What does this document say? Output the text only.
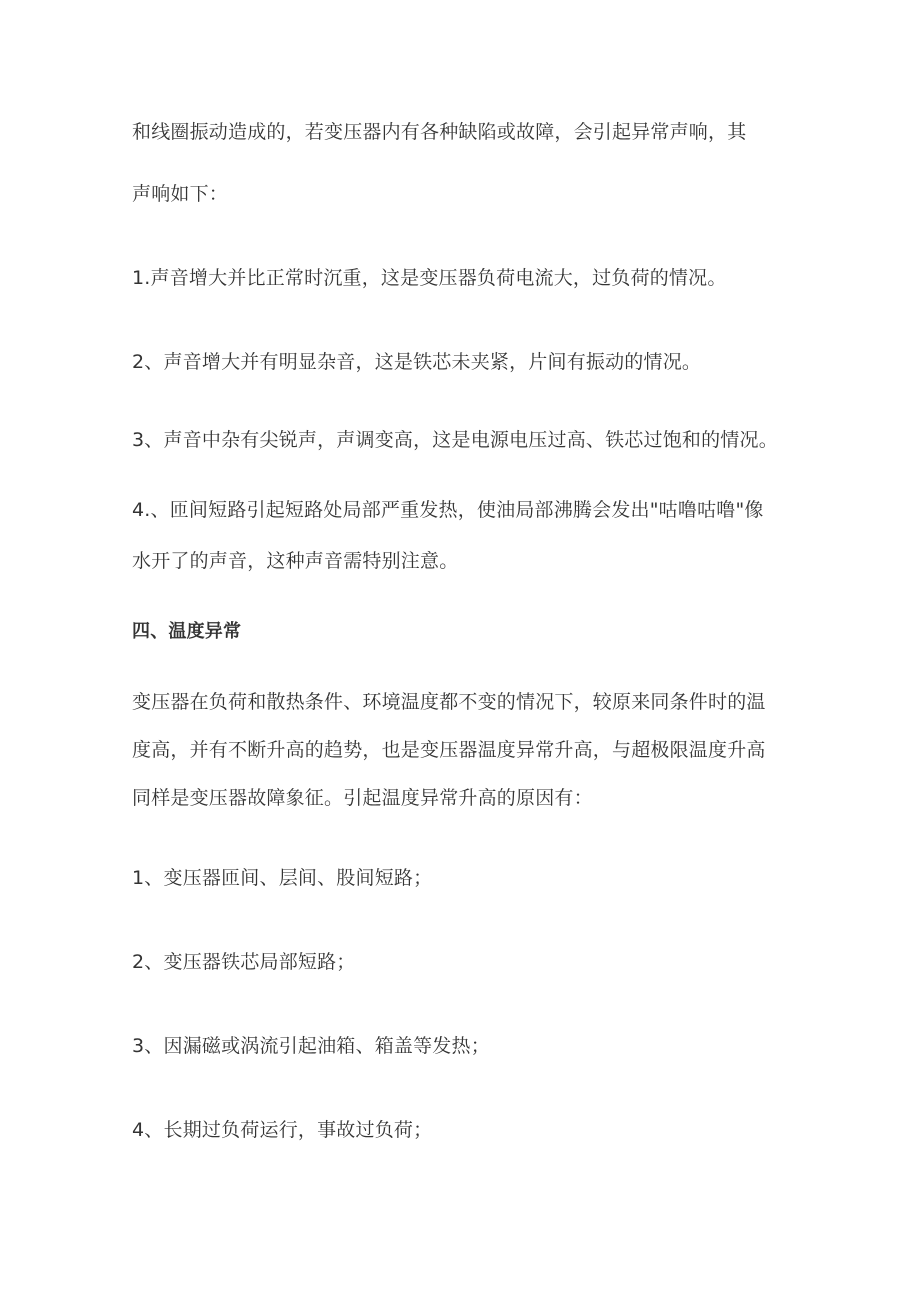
和线圈振动造成的，若变压器内有各种缺陷或故障，会引起异常声响，其
声响如下：
1.声音增大并比正常时沉重，这是变压器负荷电流大，过负荷的情况。
2、声音增大并有明显杂音，这是铁芯未夹紧，片间有振动的情况。
3、声音中杂有尖锐声，声调变高，这是电源电压过高、铁芯过饱和的情况。
4.、匝间短路引起短路处局部严重发热，使油局部沸腾会发出"咕噜咕噜"像
水开了的声音，这种声音需特别注意。
四、温度异常
变压器在负荷和散热条件、环境温度都不变的情况下，较原来同条件时的温
度高，并有不断升高的趋势，也是变压器温度异常升高，与超极限温度升高
同样是变压器故障象征。引起温度异常升高的原因有：
1、变压器匝间、层间、股间短路；
2、变压器铁芯局部短路；
3、因漏磁或涡流引起油箱、箱盖等发热；
4、长期过负荷运行，事故过负荷；
